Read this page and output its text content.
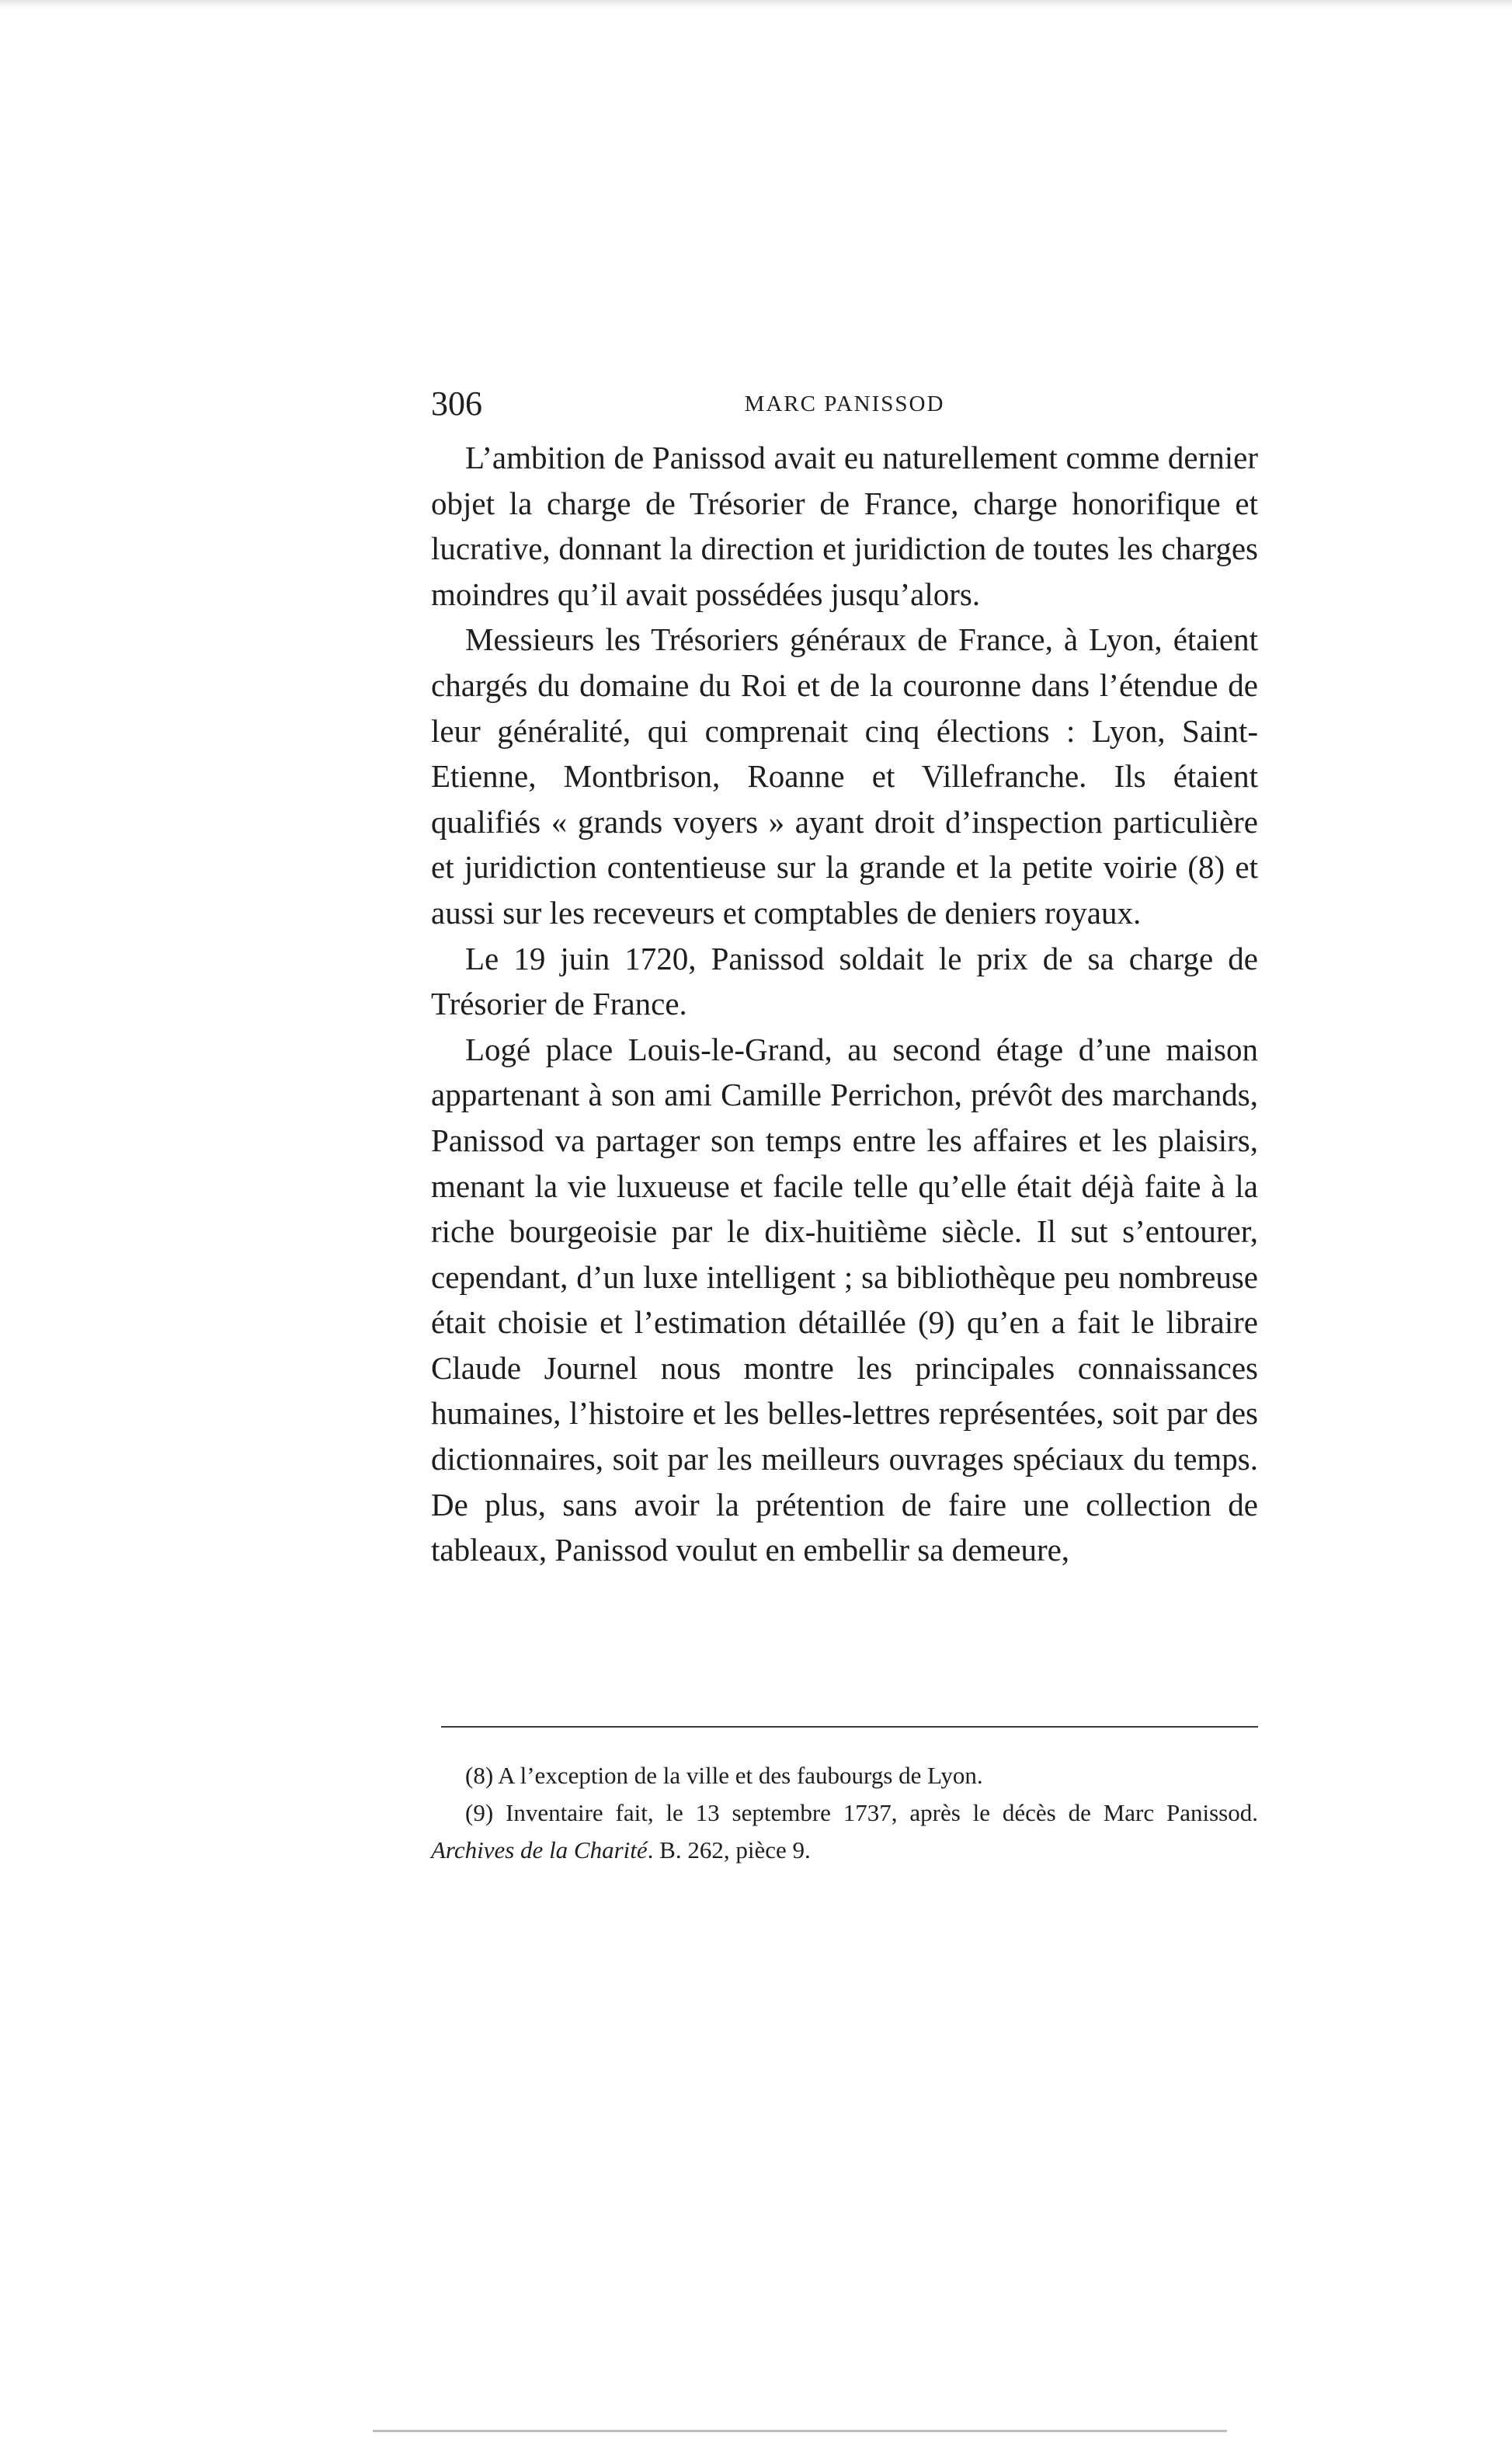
306	MARC PANISSOD

L’ambition de Panissod avait eu naturellement comme dernier objet la charge de Trésorier de France, charge honorifique et lucrative, donnant la direction et juridiction de toutes les charges moindres qu’il avait possédées jusqu’alors.

Messieurs les Trésoriers généraux de France, à Lyon, étaient chargés du domaine du Roi et de la couronne dans l’étendue de leur généralité, qui comprenait cinq élections : Lyon, Saint-Etienne, Montbrison, Roanne et Villefranche. Ils étaient qualifiés « grands voyers » ayant droit d’inspection particulière et juridiction contentieuse sur la grande et la petite voirie (8) et aussi sur les receveurs et comptables de deniers royaux.

Le 19 juin 1720, Panissod soldait le prix de sa charge de Trésorier de France.

Logé place Louis-le-Grand, au second étage d’une maison appartenant à son ami Camille Perrichon, prévôt des marchands, Panissod va partager son temps entre les affaires et les plaisirs, menant la vie luxueuse et facile telle qu’elle était déjà faite à la riche bourgeoisie par le dix-huitième siècle. Il sut s’entourer, cependant, d’un luxe intelligent ; sa bibliothèque peu nombreuse était choisie et l’estimation détaillée (9) qu’en a fait le libraire Claude Journel nous montre les principales connaissances humaines, l’histoire et les belles-lettres représentées, soit par des dictionnaires, soit par les meilleurs ouvrages spéciaux du temps. De plus, sans avoir la prétention de faire une collection de tableaux, Panissod voulut en embellir sa demeure,

(8) A l’exception de la ville et des faubourgs de Lyon.

(9) Inventaire fait, le 13 septembre 1737, après le décès de Marc Panissod. Archives de la Charité. B. 262, pièce 9.
